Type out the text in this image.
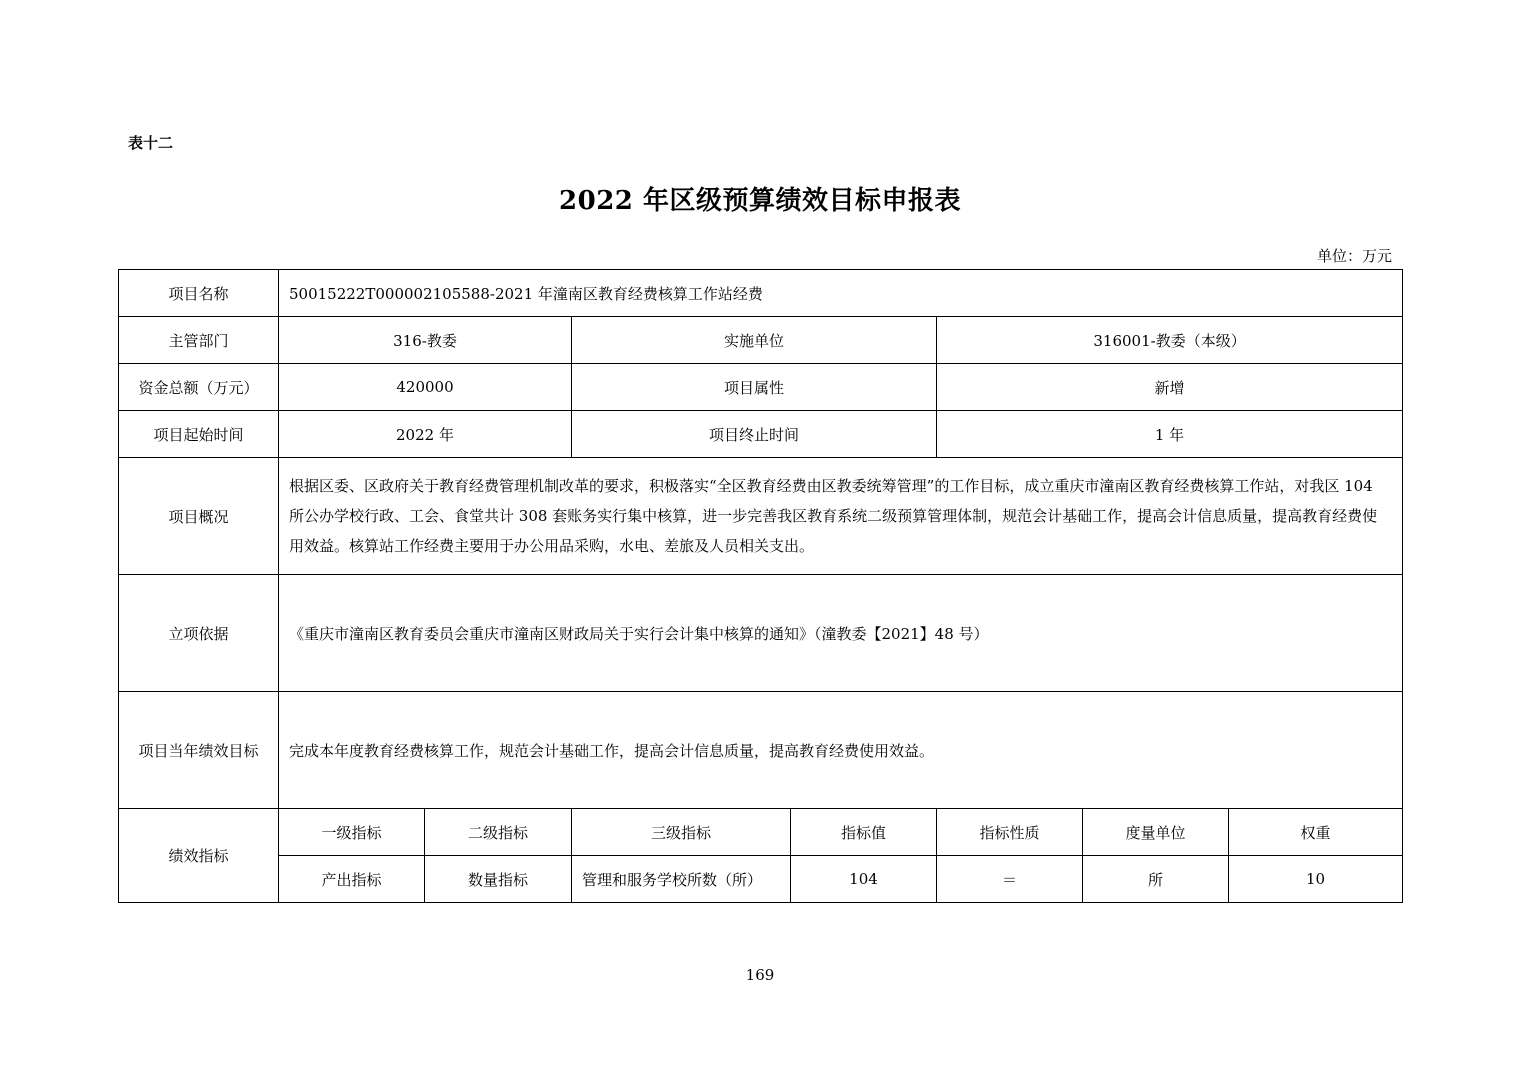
表十二
2022 年区级预算绩效目标申报表
单位：万元
项目名称	50015222T000002105588-2021 年潼南区教育经费核算工作站经费						
主管部门	316-教委		实施单位		316001-教委（本级）		
资金总额（万元）	420000		项目属性		新增		
项目起始时间	2022 年		项目终止时间		1 年		
项目概况	根据区委、区政府关于教育经费管理机制改革的要求，积极落实“全区教育经费由区教委统筹管理”的工作目标，成立重庆市潼南区教育经费核算工作站，对我区 104 所公办学校行政、工会、食堂共计 308 套账务实行集中核算，进一步完善我区教育系统二级预算管理体制，规范会计基础工作，提高会计信息质量，提高教育经费使用效益。核算站工作经费主要用于办公用品采购，水电、差旅及人员相关支出。						
立项依据	《重庆市潼南区教育委员会重庆市潼南区财政局关于实行会计集中核算的通知》（潼教委【2021】48 号）						
项目当年绩效目标	完成本年度教育经费核算工作，规范会计基础工作，提高会计信息质量，提高教育经费使用效益。						
绩效指标	一级指标	二级指标	三级指标	指标值	指标性质	度量单位	权重
	产出指标	数量指标	管理和服务学校所数（所）	104	＝	所	10
169
